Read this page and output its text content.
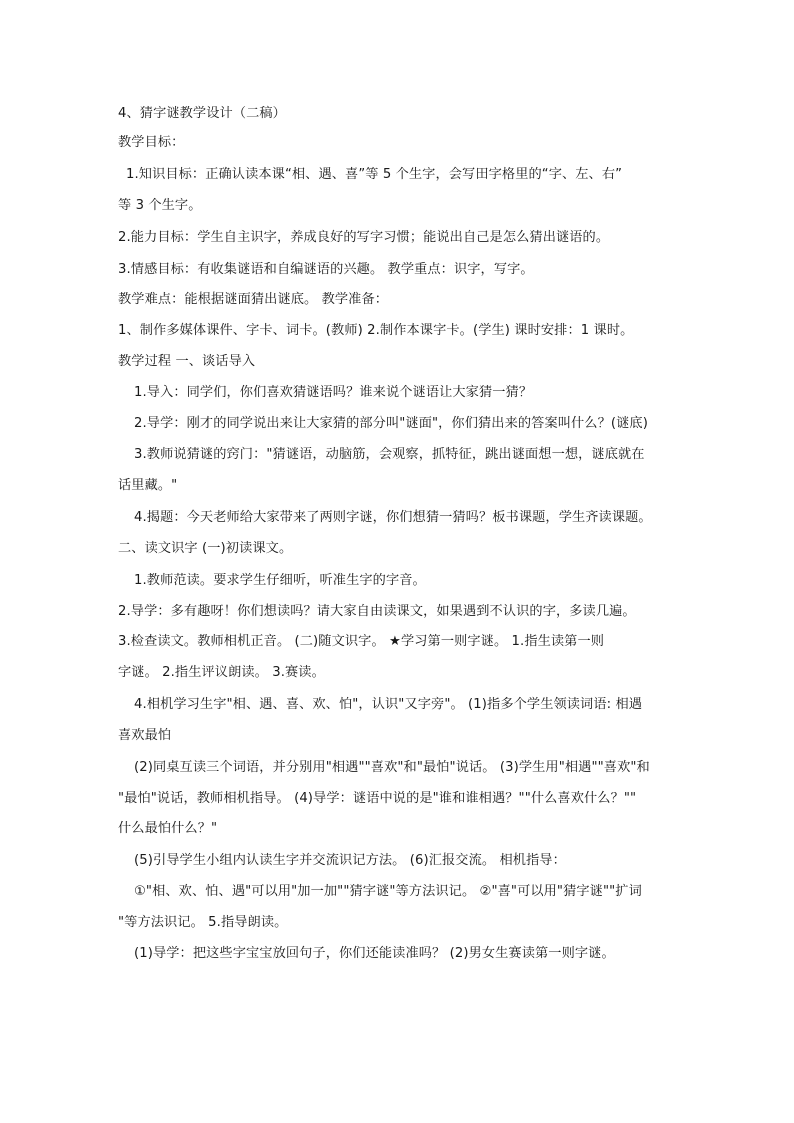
4、猜字谜教学设计（二稿）
教学目标：
1.知识目标：正确认读本课“相、遇、喜”等 5 个生字，会写田字格里的“字、左、右”
等 3 个生字。
2.能力目标：学生自主识字，养成良好的写字习惯；能说出自己是怎么猜出谜语的。
3.情感目标：有收集谜语和自编谜语的兴趣。 教学重点：识字，写字。
教学难点：能根据谜面猜出谜底。 教学准备：
1、制作多媒体课件、字卡、词卡。(教师) 2.制作本课字卡。(学生) 课时安排：1 课时。
教学过程 一、谈话导入
1.导入：同学们，你们喜欢猜谜语吗？谁来说个谜语让大家猜一猜？
2.导学：刚才的同学说出来让大家猜的部分叫"谜面"，你们猜出来的答案叫什么？(谜底)
3.教师说猜谜的窍门："猜谜语，动脑筋，会观察，抓特征，跳出谜面想一想，谜底就在
话里藏。"
4.揭题：今天老师给大家带来了两则字谜，你们想猜一猜吗？板书课题，学生齐读课题。
二、读文识字 (一)初读课文。
1.教师范读。要求学生仔细听，听准生字的字音。
2.导学：多有趣呀！你们想读吗？请大家自由读课文，如果遇到不认识的字，多读几遍。
3.检查读文。教师相机正音。 (二)随文识字。 ★学习第一则字谜。 1.指生读第一则
字谜。 2.指生评议朗读。 3.赛读。
4.相机学习生字"相、遇、喜、欢、怕"，认识"又字旁"。 (1)指多个学生领读词语: 相遇
喜欢最怕
(2)同桌互读三个词语，并分别用"相遇""喜欢"和"最怕"说话。 (3)学生用"相遇""喜欢"和
"最怕"说话，教师相机指导。 (4)导学：谜语中说的是"谁和谁相遇？""什么喜欢什么？""
什么最怕什么？"
(5)引导学生小组内认读生字并交流识记方法。 (6)汇报交流。 相机指导：
①"相、欢、怕、遇"可以用"加一加""猜字谜"等方法识记。 ②"喜"可以用"猜字谜""扩词
"等方法识记。 5.指导朗读。
(1)导学：把这些字宝宝放回句子，你们还能读准吗？ (2)男女生赛读第一则字谜。
